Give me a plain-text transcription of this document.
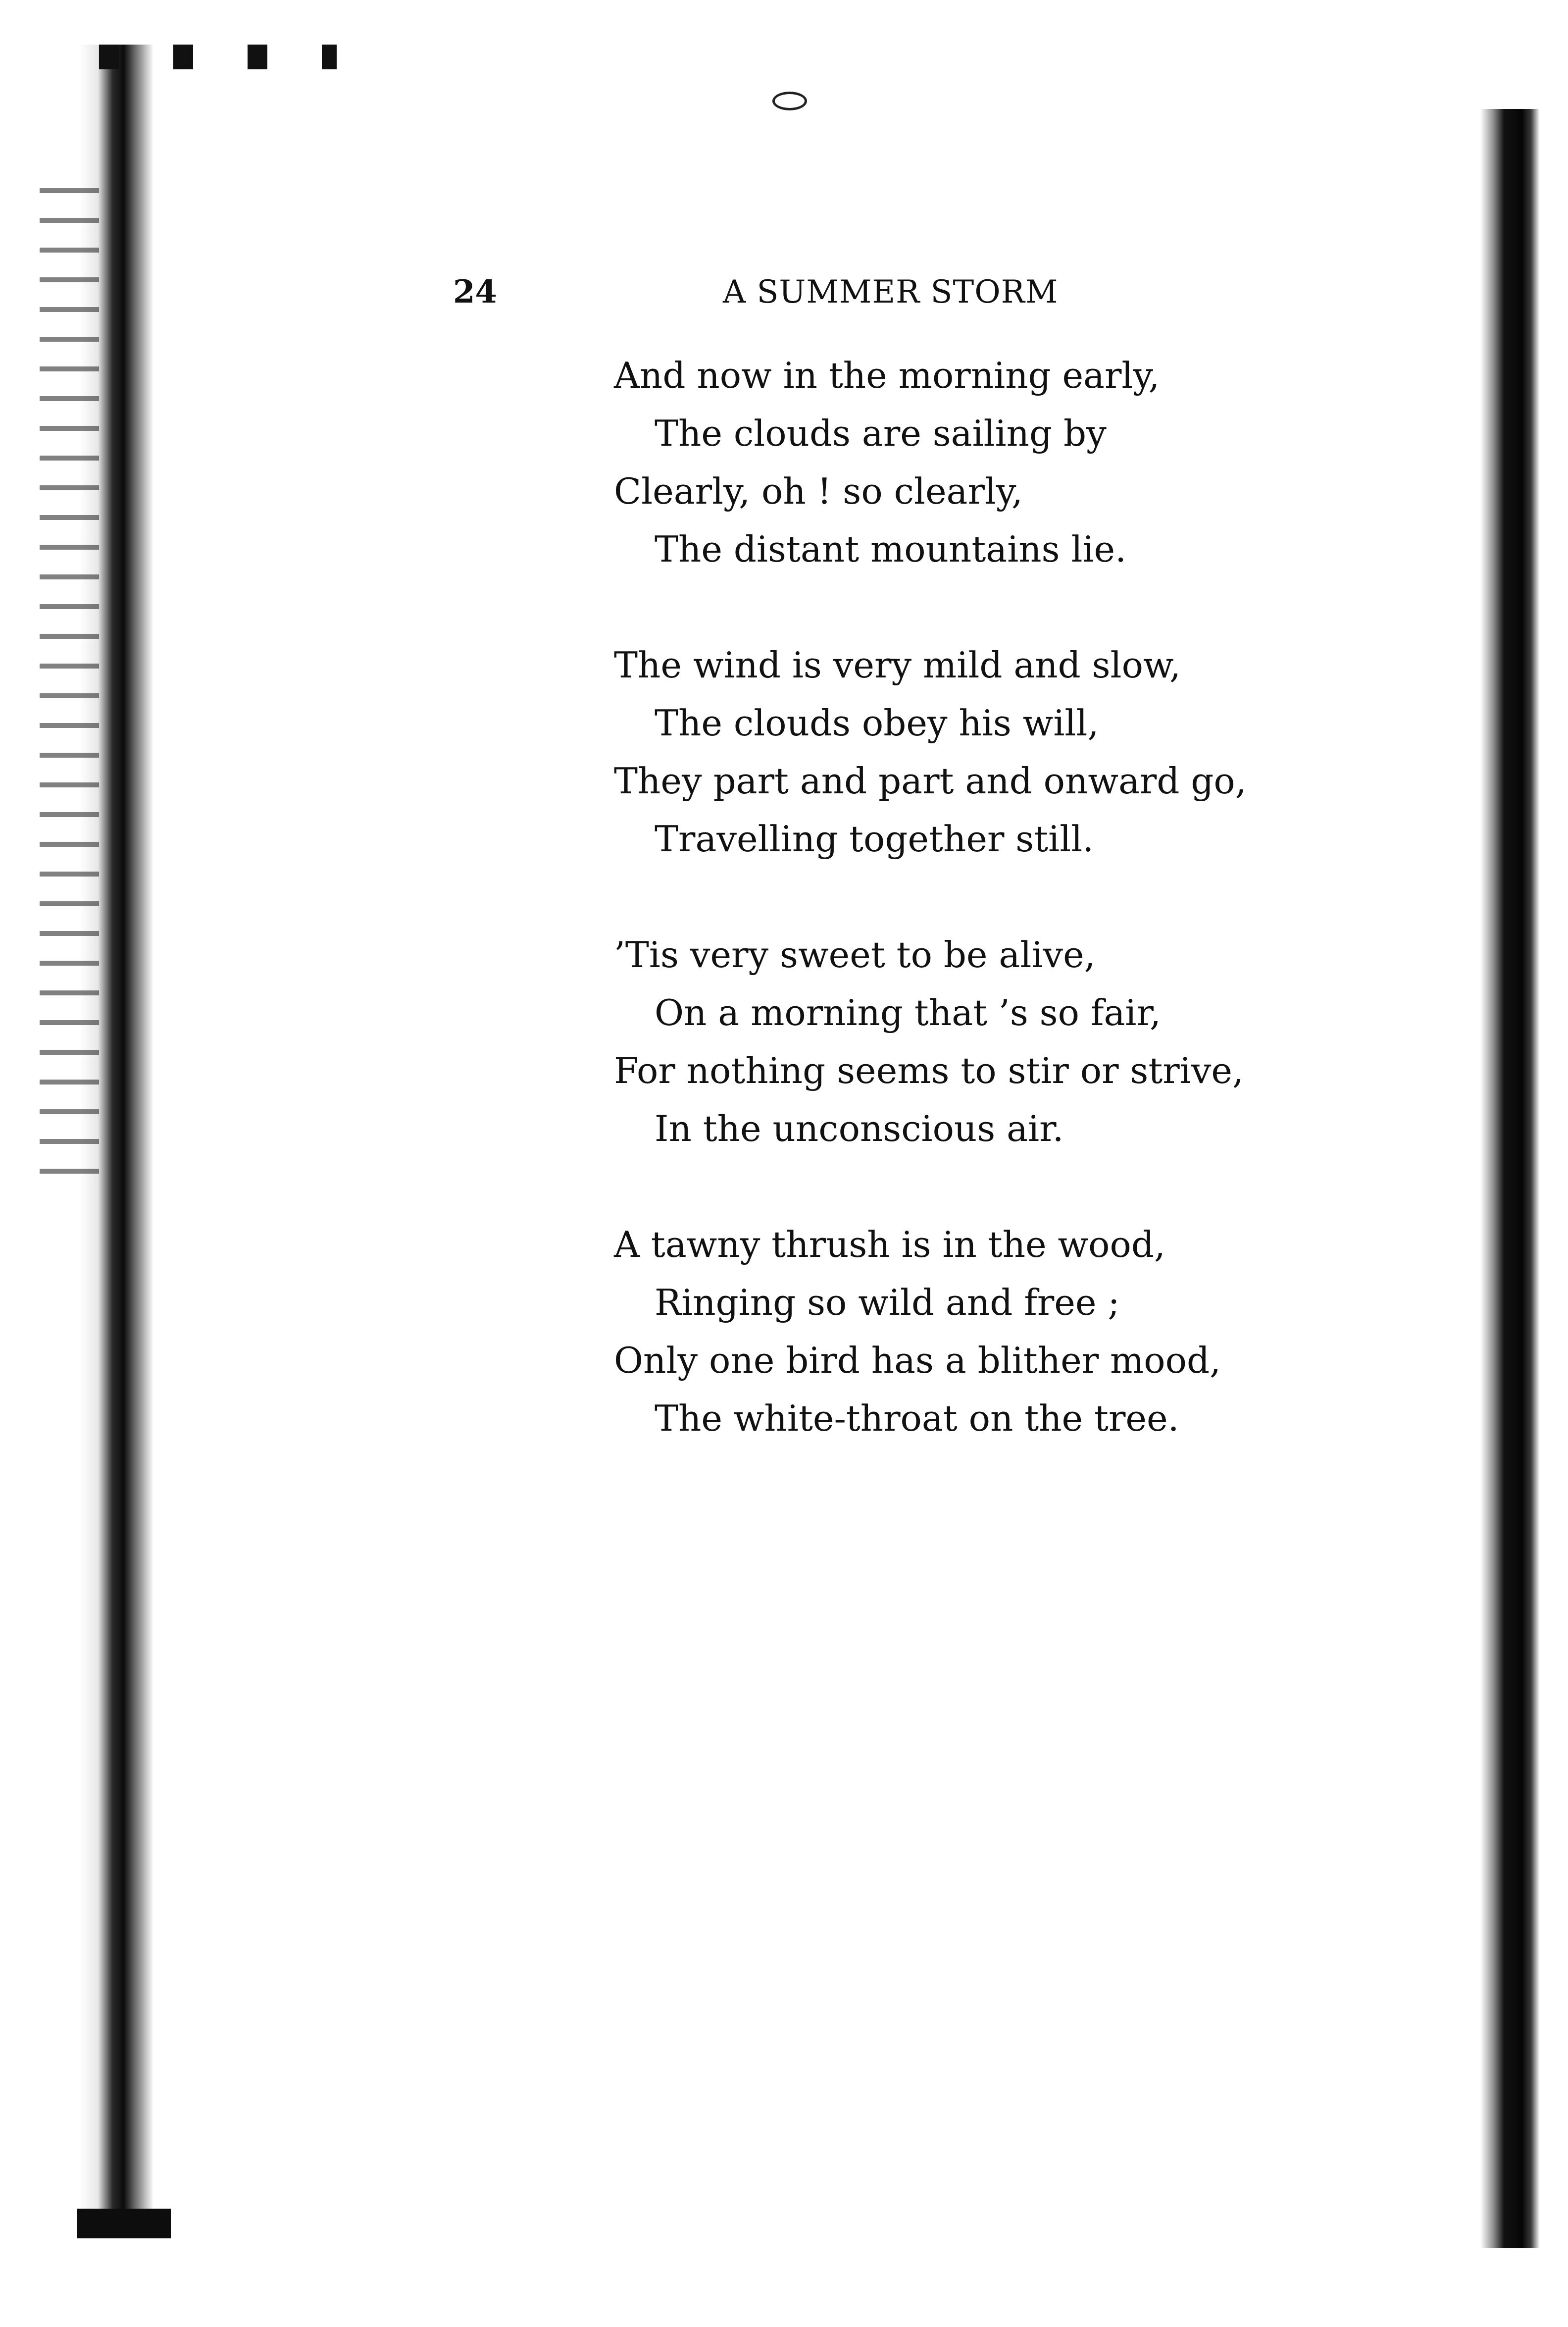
24	A SUMMER STORM
And now in the morning early,
The clouds are sailing by
Clearly, oh ! so clearly,
The distant mountains lie.
The wind is very mild and slow,
The clouds obey his will,
They part and part and onward go,
Travelling together still.
’Tis very sweet to be alive,
On a morning that ’s so fair,
For nothing seems to stir or strive,
In the unconscious air.
A tawny thrush is in the wood,
Ringing so wild and free ;
Only one bird has a blither mood,
The white-throat on the tree.
